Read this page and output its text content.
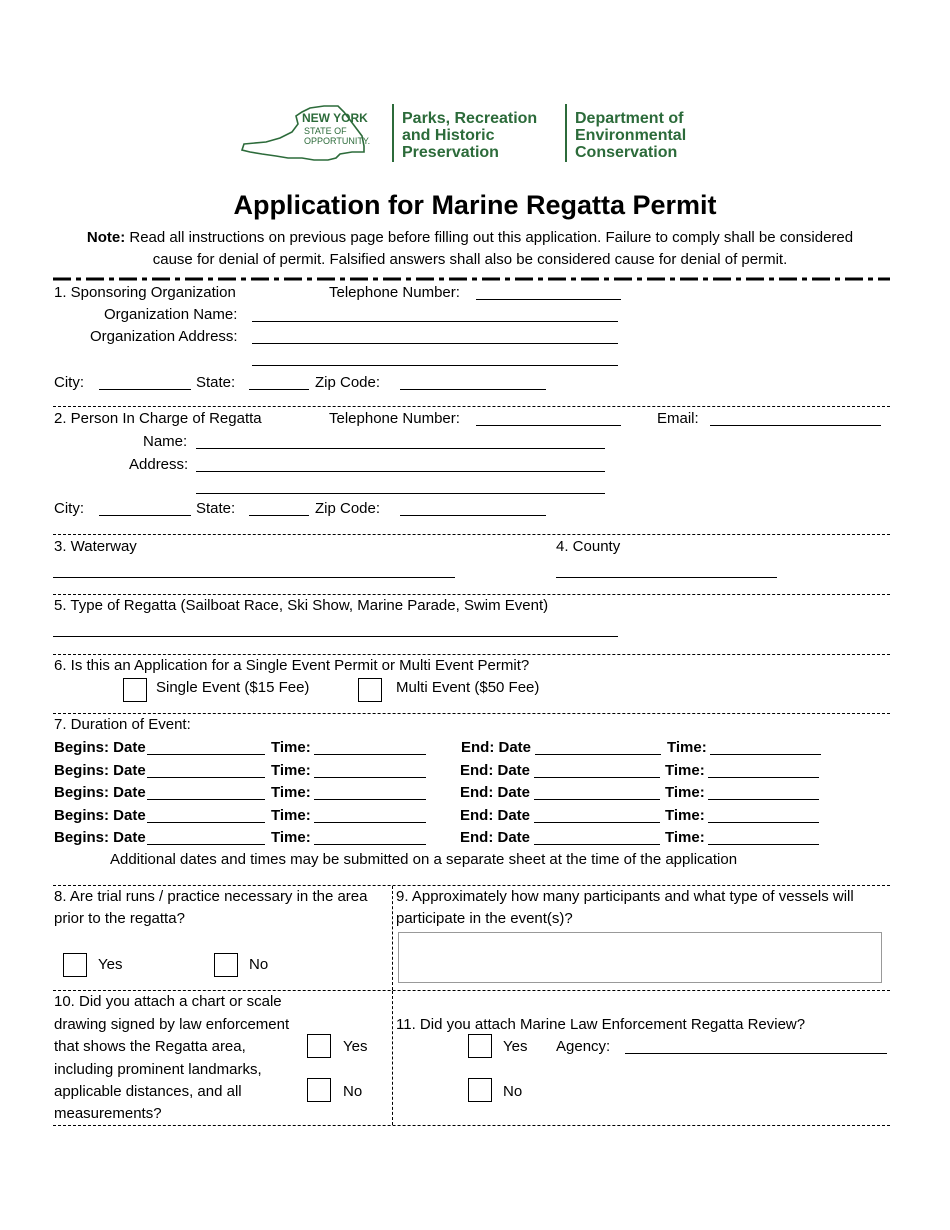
NEW YORK
STATE OF
OPPORTUNITY.
Parks, Recreation
and Historic
Preservation
Department of
Environmental
Conservation
Application for Marine Regatta Permit
Note: Read all instructions on previous page before filling out this application. Failure to comply shall be considered
cause for denial of permit. Falsified answers shall also be considered cause for denial of permit.
1. Sponsoring Organization	Telephone Number:
Organization Name:
Organization Address:
City:	State:	Zip Code:
2. Person In Charge of Regatta	Telephone Number:	Email:
Name:
Address:
City:	State:	Zip Code:
3. Waterway	4. County
5. Type of Regatta (Sailboat Race, Ski Show, Marine Parade, Swim Event)
6. Is this an Application for a Single Event Permit or Multi Event Permit?
Single Event ($15 Fee)	Multi Event ($50 Fee)
7. Duration of Event:
Begins: Date	Time:	End: Date	Time:
Begins: Date	Time:	End: Date	Time:
Begins: Date	Time:	End: Date	Time:
Begins: Date	Time:	End: Date	Time:
Begins: Date	Time:	End: Date	Time:
Additional dates and times may be submitted on a separate sheet at the time of the application
8. Are trial runs / practice necessary in the area
prior to the regatta?
Yes	No
9. Approximately how many participants and what type of vessels will
participate in the event(s)?
10. Did you attach a chart or scale
drawing signed by law enforcement
that shows the Regatta area,
including prominent landmarks,
applicable distances, and all
measurements?
Yes
No
11. Did you attach Marine Law Enforcement Regatta Review?
Yes Agency:
No
